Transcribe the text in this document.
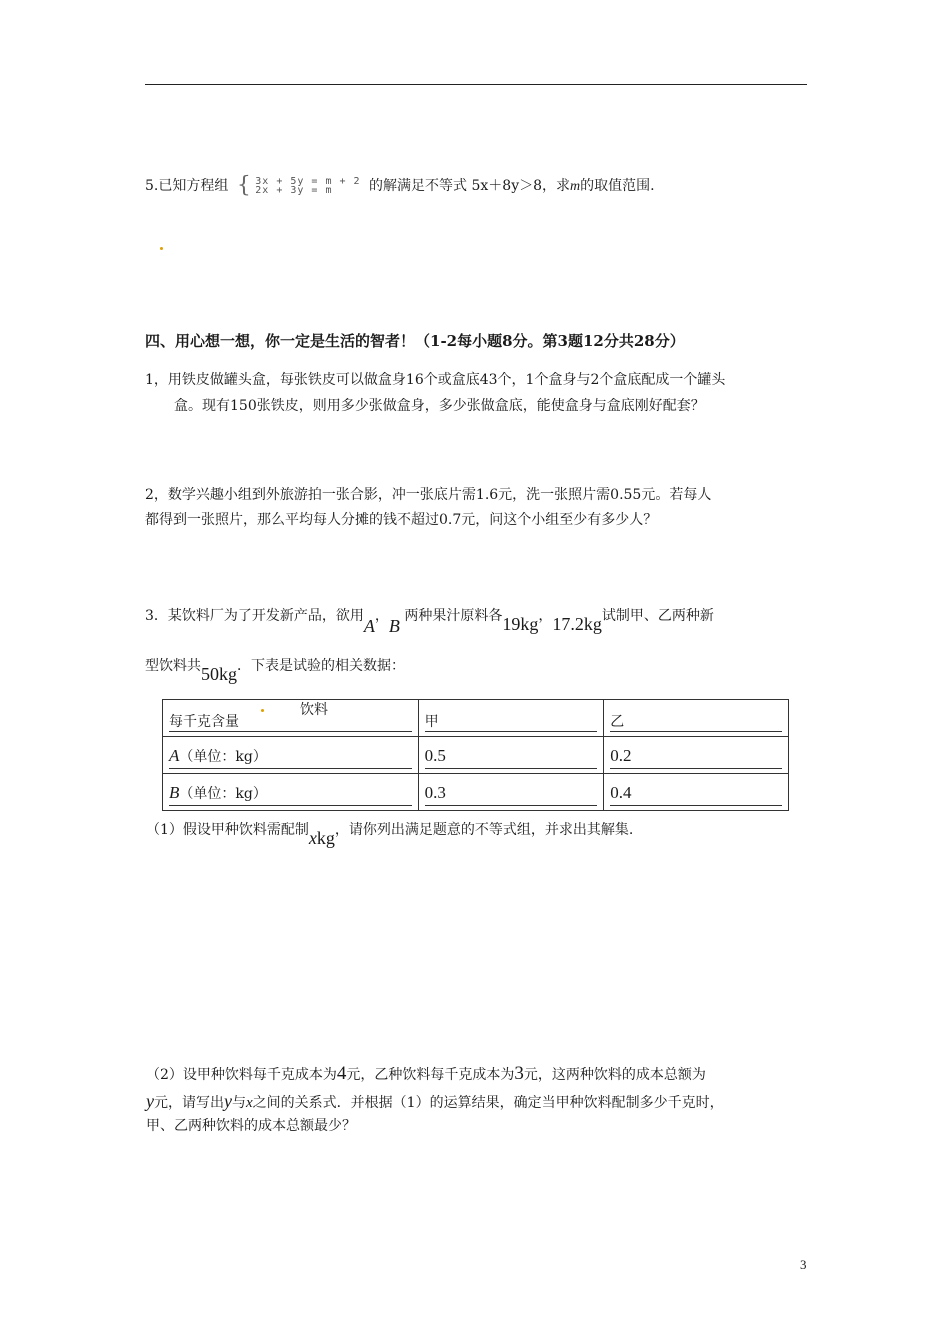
5.已知方程组 { 3x + 5y = m + 2
2x + 3y = m	的解满足不等式 5x＋8y＞8，求m的取值范围.
四、用心想一想，你一定是生活的智者！（1-2每小题8分。第3题12分共28分）
1，用铁皮做罐头盒，每张铁皮可以做盒身16个或盒底43个，1个盒身与2个盒底配成一个罐头
盒。现有150张铁皮，则用多少张做盒身，多少张做盒底，能使盒身与盒底刚好配套？
2，数学兴趣小组到外旅游拍一张合影，冲一张底片需1.6元，洗一张照片需0.55元。若每人
都得到一张照片，那么平均每人分摊的钱不超过0.7元，问这个小组至少有多少人？
3．某饮料厂为了开发新产品，欲用A，B 两种果汁原料各19kg，17.2kg试制甲、乙两种新
型饮料共50kg．下表是试验的相关数据：
饮料
每千克含量	甲	乙

A（单位：kg）	0.5	0.2

B（单位：kg）	0.3	0.4
（1）假设甲种饮料需配制xkg，请你列出满足题意的不等式组，并求出其解集.
（2）设甲种饮料每千克成本为4元，乙种饮料每千克成本为3元，这两种饮料的成本总额为
y元，请写出y与x之间的关系式．并根据（1）的运算结果，确定当甲种饮料配制多少千克时，
甲、乙两种饮料的成本总额最少？
3
